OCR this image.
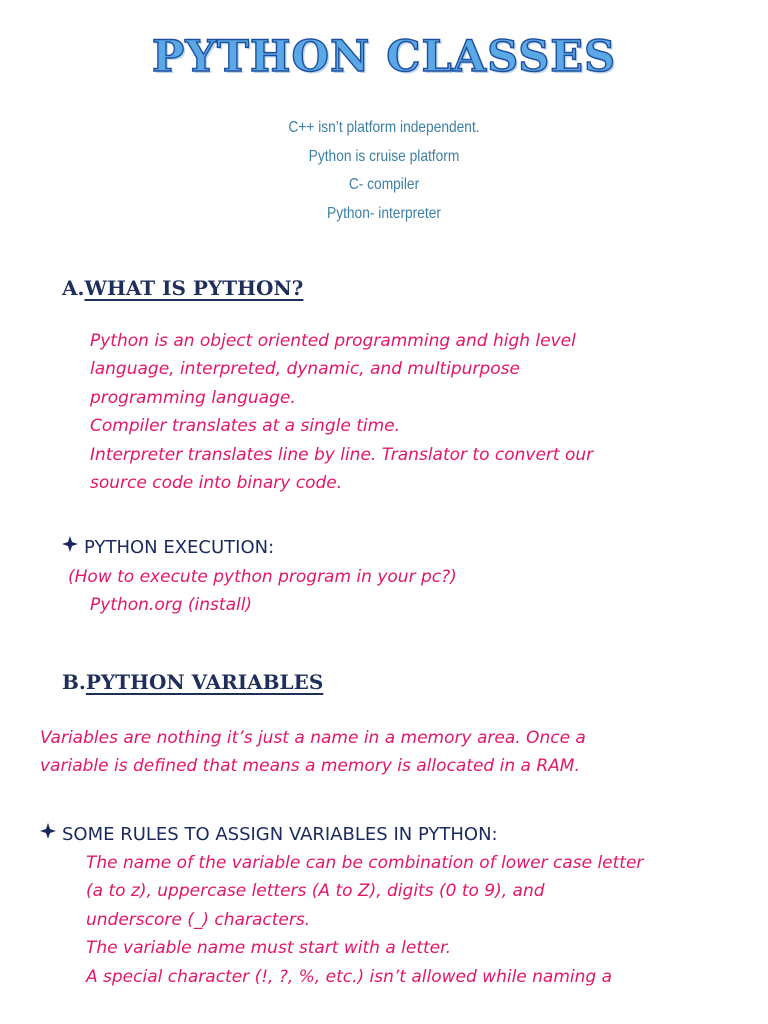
PYTHON CLASSES
C++ isn’t platform independent.
Python is cruise platform
C- compiler
Python- interpreter
A.WHAT IS PYTHON?
Python is an object oriented programming and high level
language, interpreted, dynamic, and multipurpose
programming language.
Compiler translates at a single time.
Interpreter translates line by line. Translator to convert our
source code into binary code.
PYTHON EXECUTION:
(How to execute python program in your pc?)
Python.org (install)
B.PYTHON VARIABLES
Variables are nothing it’s just a name in a memory area. Once a
variable is defined that means a memory is allocated in a RAM.
SOME RULES TO ASSIGN VARIABLES IN PYTHON:
The name of the variable can be combination of lower case letter
(a to z), uppercase letters (A to Z), digits (0 to 9), and
underscore (_) characters.
The variable name must start with a letter.
A special character (!, ?, %, etc.) isn’t allowed while naming a
